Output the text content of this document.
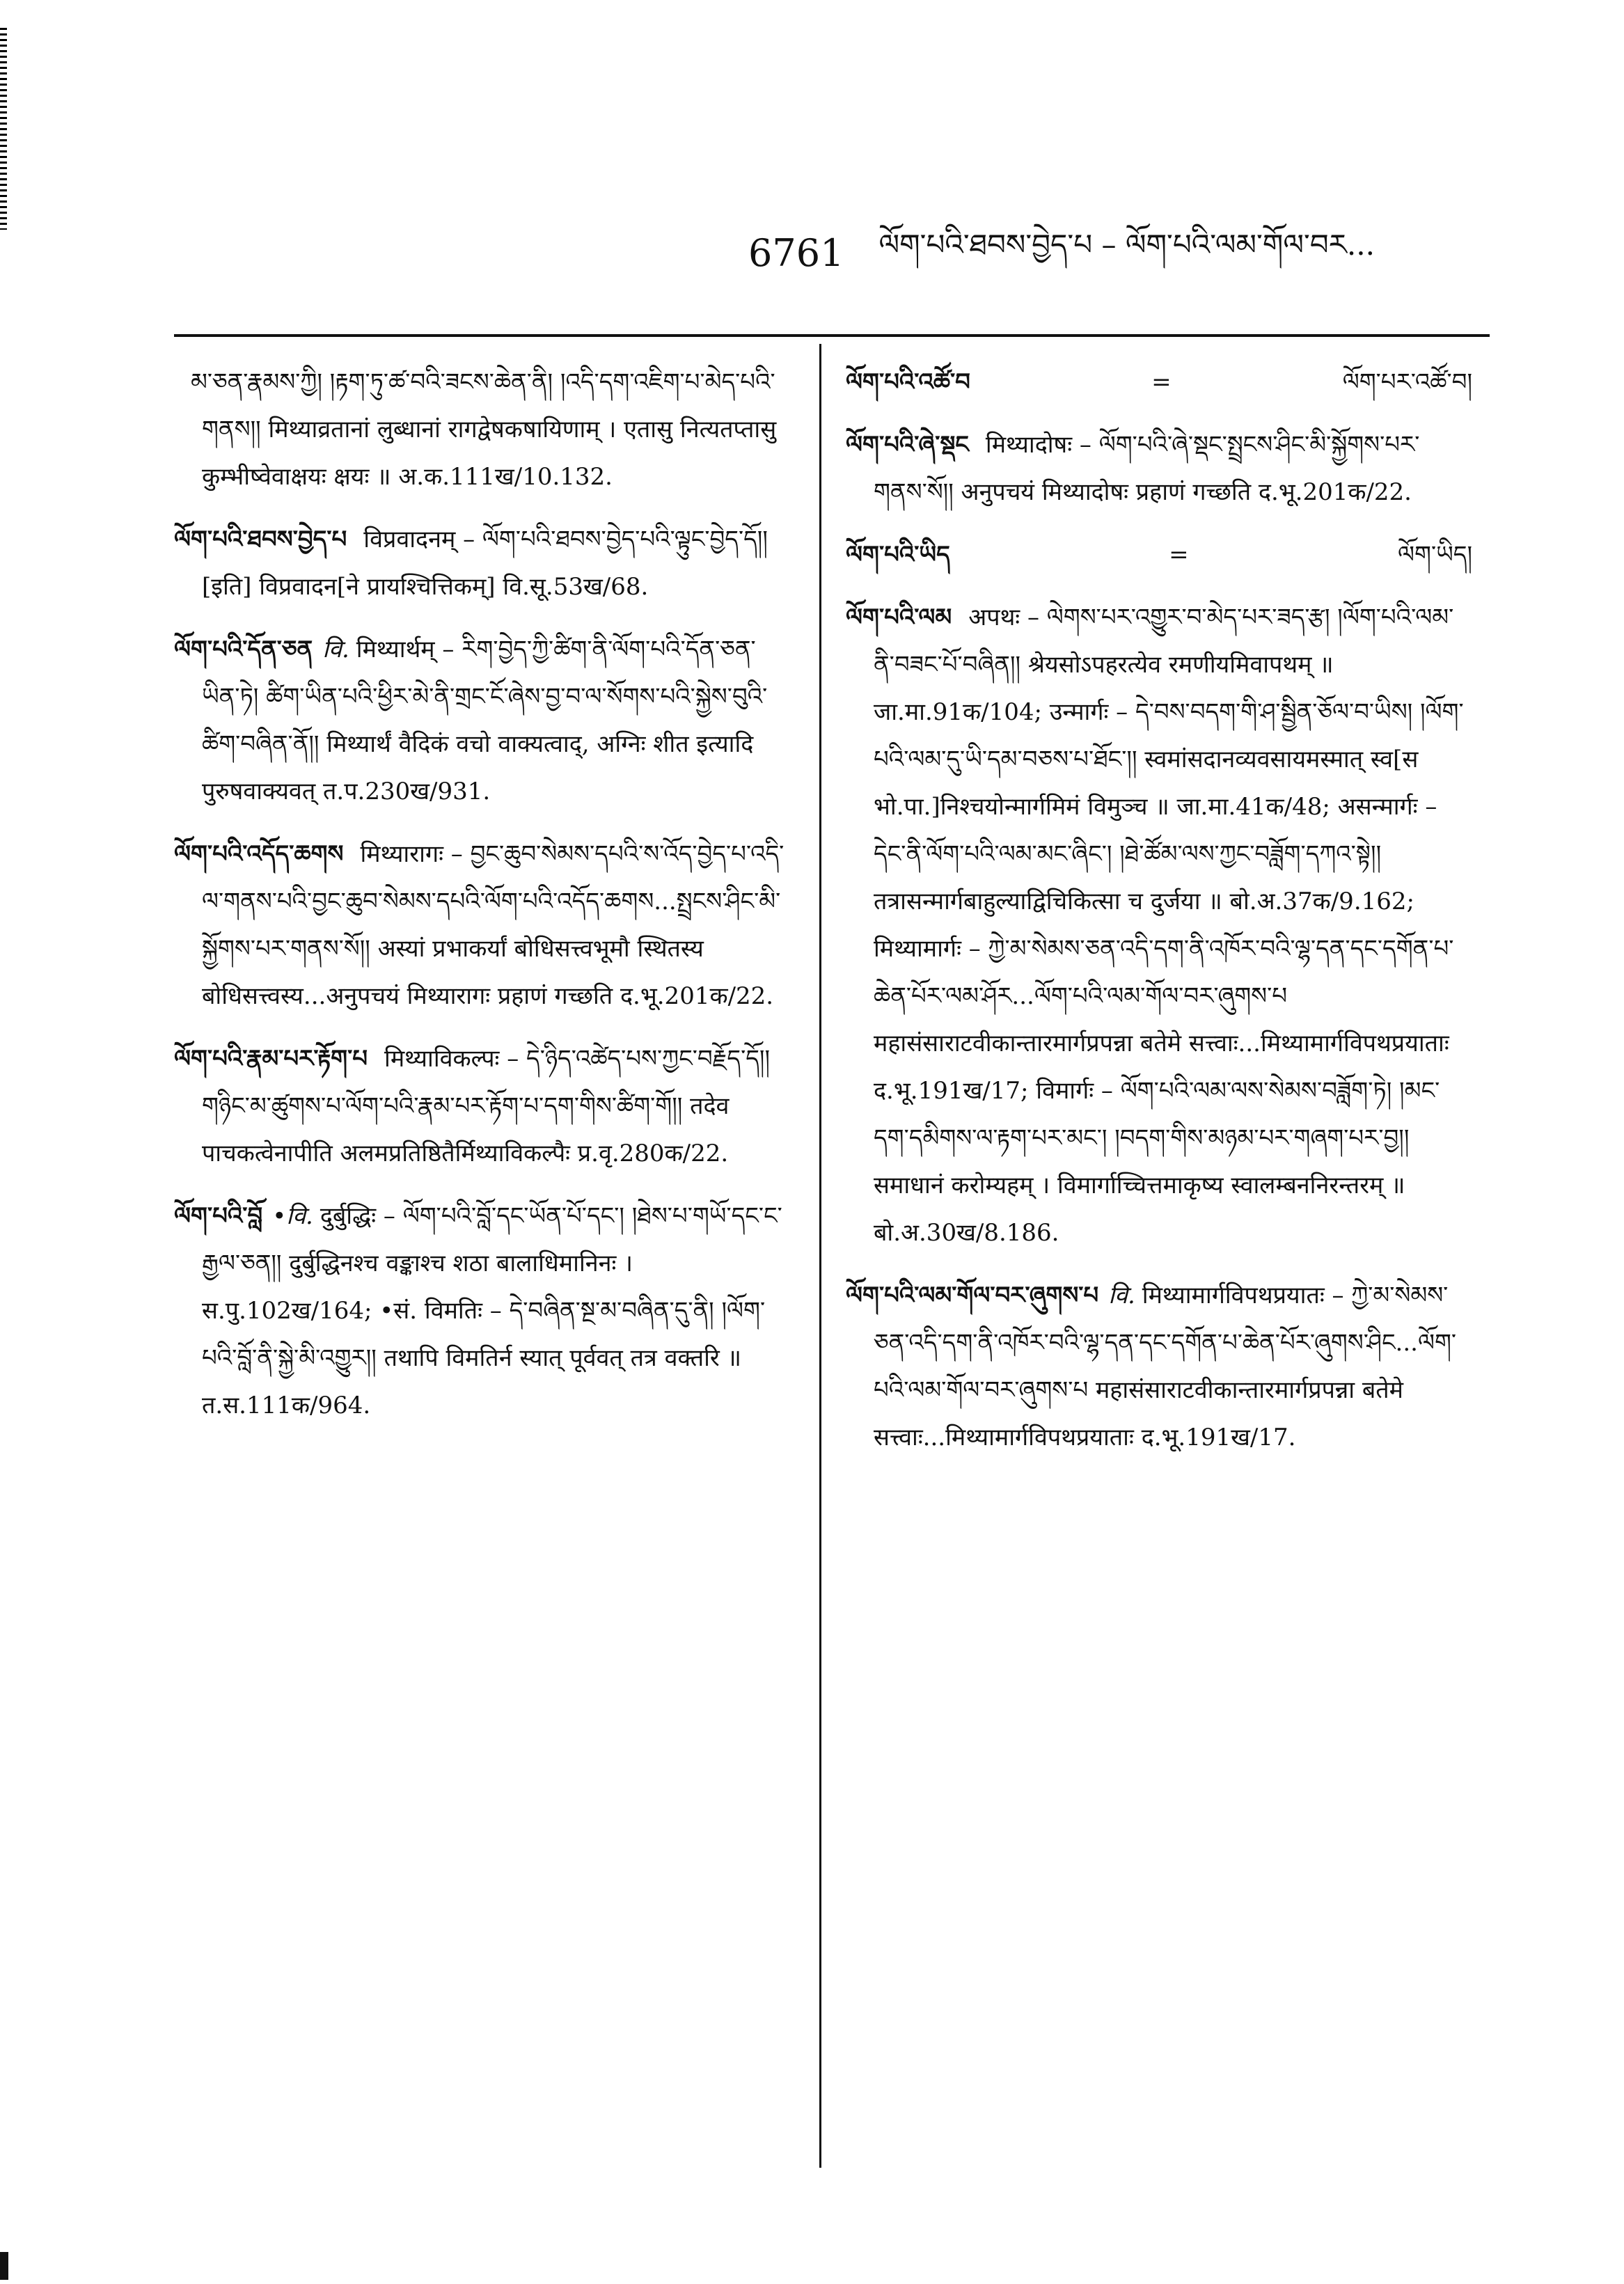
6761 ལོག་པའི་ཐབས་བྱེད་པ – ལོག་པའི་ལམ་གོལ་བར...

མ་ཅན་རྣམས་ཀྱི། །རྟག་ཏུ་ཚ་བའི་ཟངས་ཆེན་ནི། །འདི་དག་འཇིག་པ་མེད་པའི་གནས།། मिथ्याव्रतानां लुब्धानां रागद्वेषकषायिणाम् । एतासु नित्यतप्तासु कुम्भीष्वेवाक्षयः क्षयः ॥ अ.क.111ख/10.132.

ལོག་པའི་ཐབས་བྱེད་པ विप्रवादनम् – ལོག་པའི་ཐབས་བྱེད་པའི་ལྟུང་བྱེད་དོ།། [इति] विप्रवादन[ने प्रायश्चित्तिकम्] वि.सू.53ख/68.

ལོག་པའི་དོན་ཅན वि. मिथ्यार्थम् – རིག་བྱེད་ཀྱི་ཚིག་ནི་ལོག་པའི་དོན་ཅན་ཡིན་ཏེ། ཚིག་ཡིན་པའི་ཕྱིར་མེ་ནི་གྲང་ངོ་ཞེས་བྱ་བ་ལ་སོགས་པའི་སྐྱེས་བུའི་ཚིག་བཞིན་ནོ།། मिथ्यार्थं वैदिकं वचो वाक्यत्वाद्, अग्निः शीत इत्यादि पुरुषवाक्यवत् त.प.230ख/931.

ལོག་པའི་འདོད་ཆགས मिथ्यारागः – བྱང་ཆུབ་སེམས་དཔའི་ས་འོད་བྱེད་པ་འདི་ལ་གནས་པའི་བྱང་ཆུབ་སེམས་དཔའི་ལོག་པའི་འདོད་ཆགས...སྤྲངས་ཤིང་མི་སྐྱོགས་པར་གནས་སོ།། अस्यां प्रभाकर्यां बोधिसत्त्वभूमौ स्थितस्य बोधिसत्त्वस्य...अनुपचयं मिथ्यारागः प्रहाणं गच्छति द.भू.201क/22.

ལོག་པའི་རྣམ་པར་རྟོག་པ मिथ्याविकल्पः – དེ་ཉིད་འཚེད་པས་ཀྱང་བརྗོད་དོ།། གཉིང་མ་ཚུགས་པ་ལོག་པའི་རྣམ་པར་རྟོག་པ་དག་གིས་ཚིག་གོ།། तदेव पाचकत्वेनापीति अलमप्रतिष्ठितैर्मिथ्याविकल्पैः प्र.वृ.280क/22.

ལོག་པའི་བློ •वि. दुर्बुद्धिः – ལོག་པའི་བློ་དང་ཡོན་པོ་དང་། །ཐེས་པ་གཡོ་དང་ང་རྒྱལ་ཅན།། दुर्बुद्धिनश्च वङ्काश्च शठा बालाधिमानिनः । स.पु.102ख/164; •सं. विमतिः – དེ་བཞིན་སྔ་མ་བཞིན་དུ་ནི། །ལོག་པའི་བློ་ནི་སྐྱེ་མི་འགྱུར།། तथापि विमतिर्न स्यात् पूर्ववत् तत्र वक्तरि ॥ त.स.111क/964.

ལོག་པའི་འཚོ་བ	=	ལོག་པར་འཚོ་བ།

ལོག་པའི་ཞེ་སྡང मिथ्यादोषः – ལོག་པའི་ཞེ་སྡང་སྤྲངས་ཤིང་མི་སྐྱོགས་པར་གནས་སོ།། अनुपचयं मिथ्यादोषः प्रहाणं गच्छति द.भू.201क/22.

ལོག་པའི་ཡིད	=	ལོག་ཡིད།

ལོག་པའི་ལམ अपथः – ལེགས་པར་འགྱུར་བ་མེད་པར་ཟད་རྩ། །ལོག་པའི་ལམ་ནི་བཟང་པོ་བཞིན།། श्रेयसोऽपहरत्येव रमणीयमिवापथम् ॥ जा.मा.91क/104; उन्मार्गः – དེ་བས་བདག་གི་ཤ་སྦྱིན་ཅོལ་བ་ཡིས། །ལོག་པའི་ལམ་དུ་ཡི་དམ་བཅས་པ་ཐོང་།། स्वमांसदानव्यवसायमस्मात् स्व[स भो.पा.]निश्चयोन्मार्गमिमं विमुञ्च ॥ जा.मा.41क/48; असन्मार्गः – དེང་ནི་ལོག་པའི་ལམ་མང་ཞིང་། །ཐེ་ཚོམ་ལས་ཀྱང་བཟློག་དཀའ་སྟེ།། तत्रासन्मार्गबाहुल्याद्विचिकित्सा च दुर्जया ॥ बो.अ.37क/9.162; मिथ्यामार्गः – ཀྱེ་མ་སེམས་ཅན་འདི་དག་ནི་འཁོར་བའི་ལྷ་དན་དང་དགོན་པ་ཆེན་པོར་ལམ་ཤོར...ལོག་པའི་ལམ་གོལ་བར་ཞུགས་པ महासंसाराटवीकान्तारमार्गप्रपन्ना बतेमे सत्त्वाः...मिथ्यामार्गविपथप्रयाताः द.भू.191ख/17; विमार्गः – ལོག་པའི་ལམ་ལས་སེམས་བཟློག་ཏེ། །མང་དག་དམིགས་ལ་རྟག་པར་མང་། །བདག་གིས་མཉམ་པར་གཞག་པར་བྱ།། समाधानं करोम्यहम् । विमार्गाच्चित्तमाकृष्य स्वालम्बननिरन्तरम् ॥ बो.अ.30ख/8.186.

ལོག་པའི་ལམ་གོལ་བར་ཞུགས་པ वि. मिथ्यामार्गविपथप्रयातः – ཀྱེ་མ་སེམས་ཅན་འདི་དག་ནི་འཁོར་བའི་ལྷ་དན་དང་དགོན་པ་ཆེན་པོར་ཞུགས་ཤིང...ལོག་པའི་ལམ་གོལ་བར་ཞུགས་པ महासंसाराटवीकान्तारमार्गप्रपन्ना बतेमे सत्त्वाः...मिथ्यामार्गविपथप्रयाताः द.भू.191ख/17.
